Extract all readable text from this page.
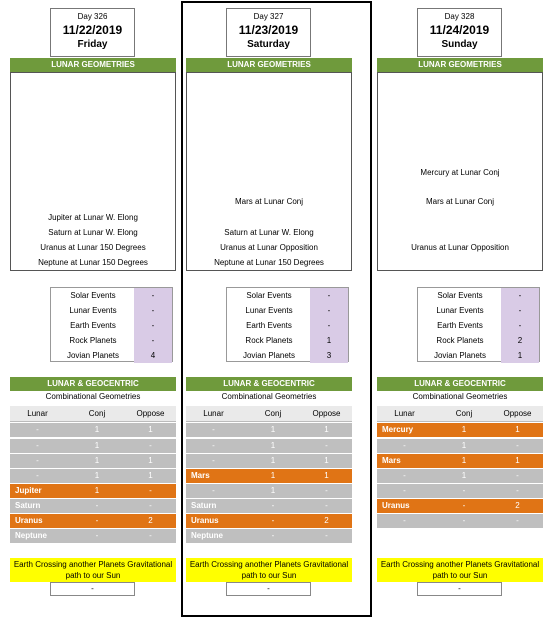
Day 326
11/22/2019
Friday
LUNAR GEOMETRIES
Jupiter at Lunar W. Elong
Saturn at Lunar W. Elong
Uranus at Lunar 150 Degrees
Neptune at Lunar 150 Degrees
Solar Events	-
Lunar Events	-
Earth Events	-
Rock Planets	-
Jovian Planets	4
LUNAR & GEOCENTRIC
Combinational Geometries
Lunar	Conj	Oppose
-	1	1
-	1	-
-	1	1
-	1	1
Jupiter	1	-
Saturn	-	-
Uranus	-	2
Neptune	-	-
Earth Crossing another Planets Gravitational path to our Sun
-
Day 327
11/23/2019
Saturday
LUNAR GEOMETRIES
Mars at Lunar Conj
Saturn at Lunar W. Elong
Uranus at Lunar Opposition
Neptune at Lunar 150 Degrees
Solar Events	-
Lunar Events	-
Earth Events	-
Rock Planets	1
Jovian Planets	3
LUNAR & GEOCENTRIC
Combinational Geometries
Lunar	Conj	Oppose
-	1	1
-	1	-
-	1	1
Mars	1	1
-	1	-
Saturn	-	-
Uranus	-	2
Neptune	-	-
Earth Crossing another Planets Gravitational path to our Sun
-
Day 328
11/24/2019
Sunday
LUNAR GEOMETRIES
Mercury at Lunar Conj
Mars at Lunar Conj
Uranus at Lunar Opposition
Solar Events	-
Lunar Events	-
Earth Events	-
Rock Planets	2
Jovian Planets	1
LUNAR & GEOCENTRIC
Combinational Geometries
Lunar	Conj	Oppose
Mercury	1	1
-	1	-
Mars	1	1
-	1	-
-	-	-
Uranus	-	2
-	-	-
Earth Crossing another Planets Gravitational path to our Sun
-
